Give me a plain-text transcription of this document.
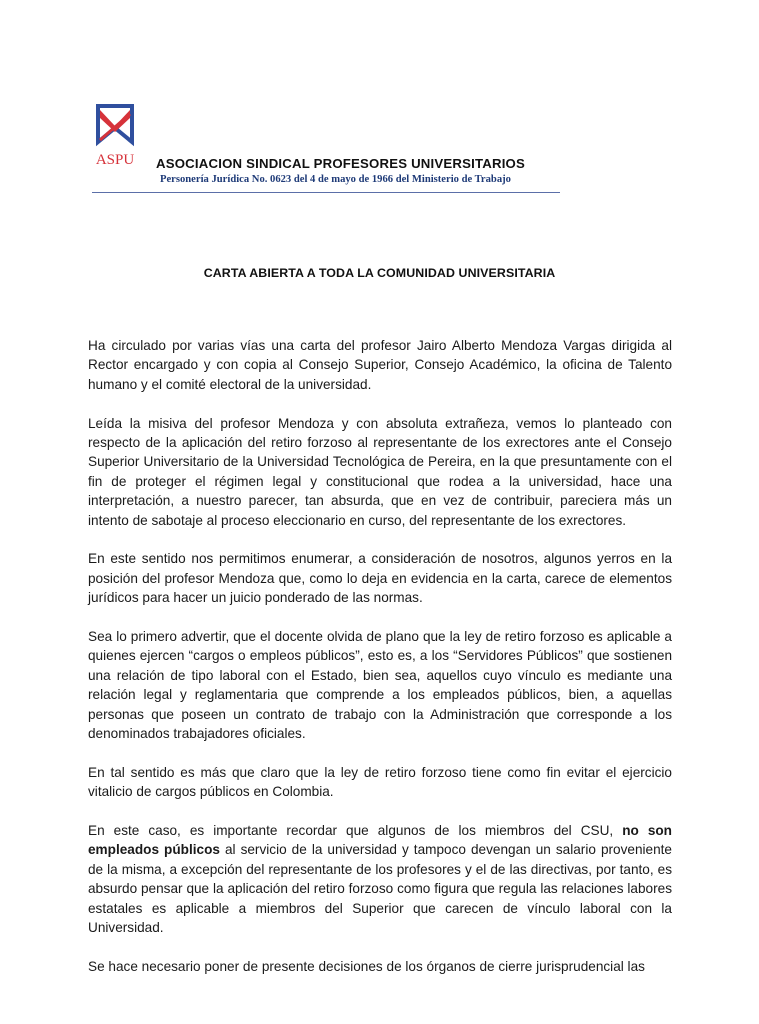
ASPU ASOCIACION SINDICAL PROFESORES UNIVERSITARIOS
Personería Jurídica No. 0623 del 4 de mayo de 1966 del Ministerio de Trabajo
CARTA ABIERTA A TODA LA COMUNIDAD UNIVERSITARIA

Ha circulado por varias vías una carta del profesor Jairo Alberto Mendoza Vargas dirigida al Rector encargado y con copia al Consejo Superior, Consejo Académico, la oficina de Talento humano y el comité electoral de la universidad.

Leída la misiva del profesor Mendoza y con absoluta extrañeza, vemos lo planteado con respecto de la aplicación del retiro forzoso al representante de los exrectores ante el Consejo Superior Universitario de la Universidad Tecnológica de Pereira, en la que presuntamente con el fin de proteger el régimen legal y constitucional que rodea a la universidad, hace una interpretación, a nuestro parecer, tan absurda, que en vez de contribuir, pareciera más un intento de sabotaje al proceso eleccionario en curso, del representante de los exrectores.

En este sentido nos permitimos enumerar, a consideración de nosotros, algunos yerros en la posición del profesor Mendoza que, como lo deja en evidencia en la carta, carece de elementos jurídicos para hacer un juicio ponderado de las normas.

Sea lo primero advertir, que el docente olvida de plano que la ley de retiro forzoso es aplicable a quienes ejercen “cargos o empleos públicos”, esto es, a los “Servidores Públicos” que sostienen una relación de tipo laboral con el Estado, bien sea, aquellos cuyo vínculo es mediante una relación legal y reglamentaria que comprende a los empleados públicos, bien, a aquellas personas que poseen un contrato de trabajo con la Administración que corresponde a los denominados trabajadores oficiales.

En tal sentido es más que claro que la ley de retiro forzoso tiene como fin evitar el ejercicio vitalicio de cargos públicos en Colombia.

En este caso, es importante recordar que algunos de los miembros del CSU, no son empleados públicos al servicio de la universidad y tampoco devengan un salario proveniente de la misma, a excepción del representante de los profesores y el de las directivas, por tanto, es absurdo pensar que la aplicación del retiro forzoso como figura que regula las relaciones labores estatales es aplicable a miembros del Superior que carecen de vínculo laboral con la Universidad.

Se hace necesario poner de presente decisiones de los órganos de cierre jurisprudencial las
